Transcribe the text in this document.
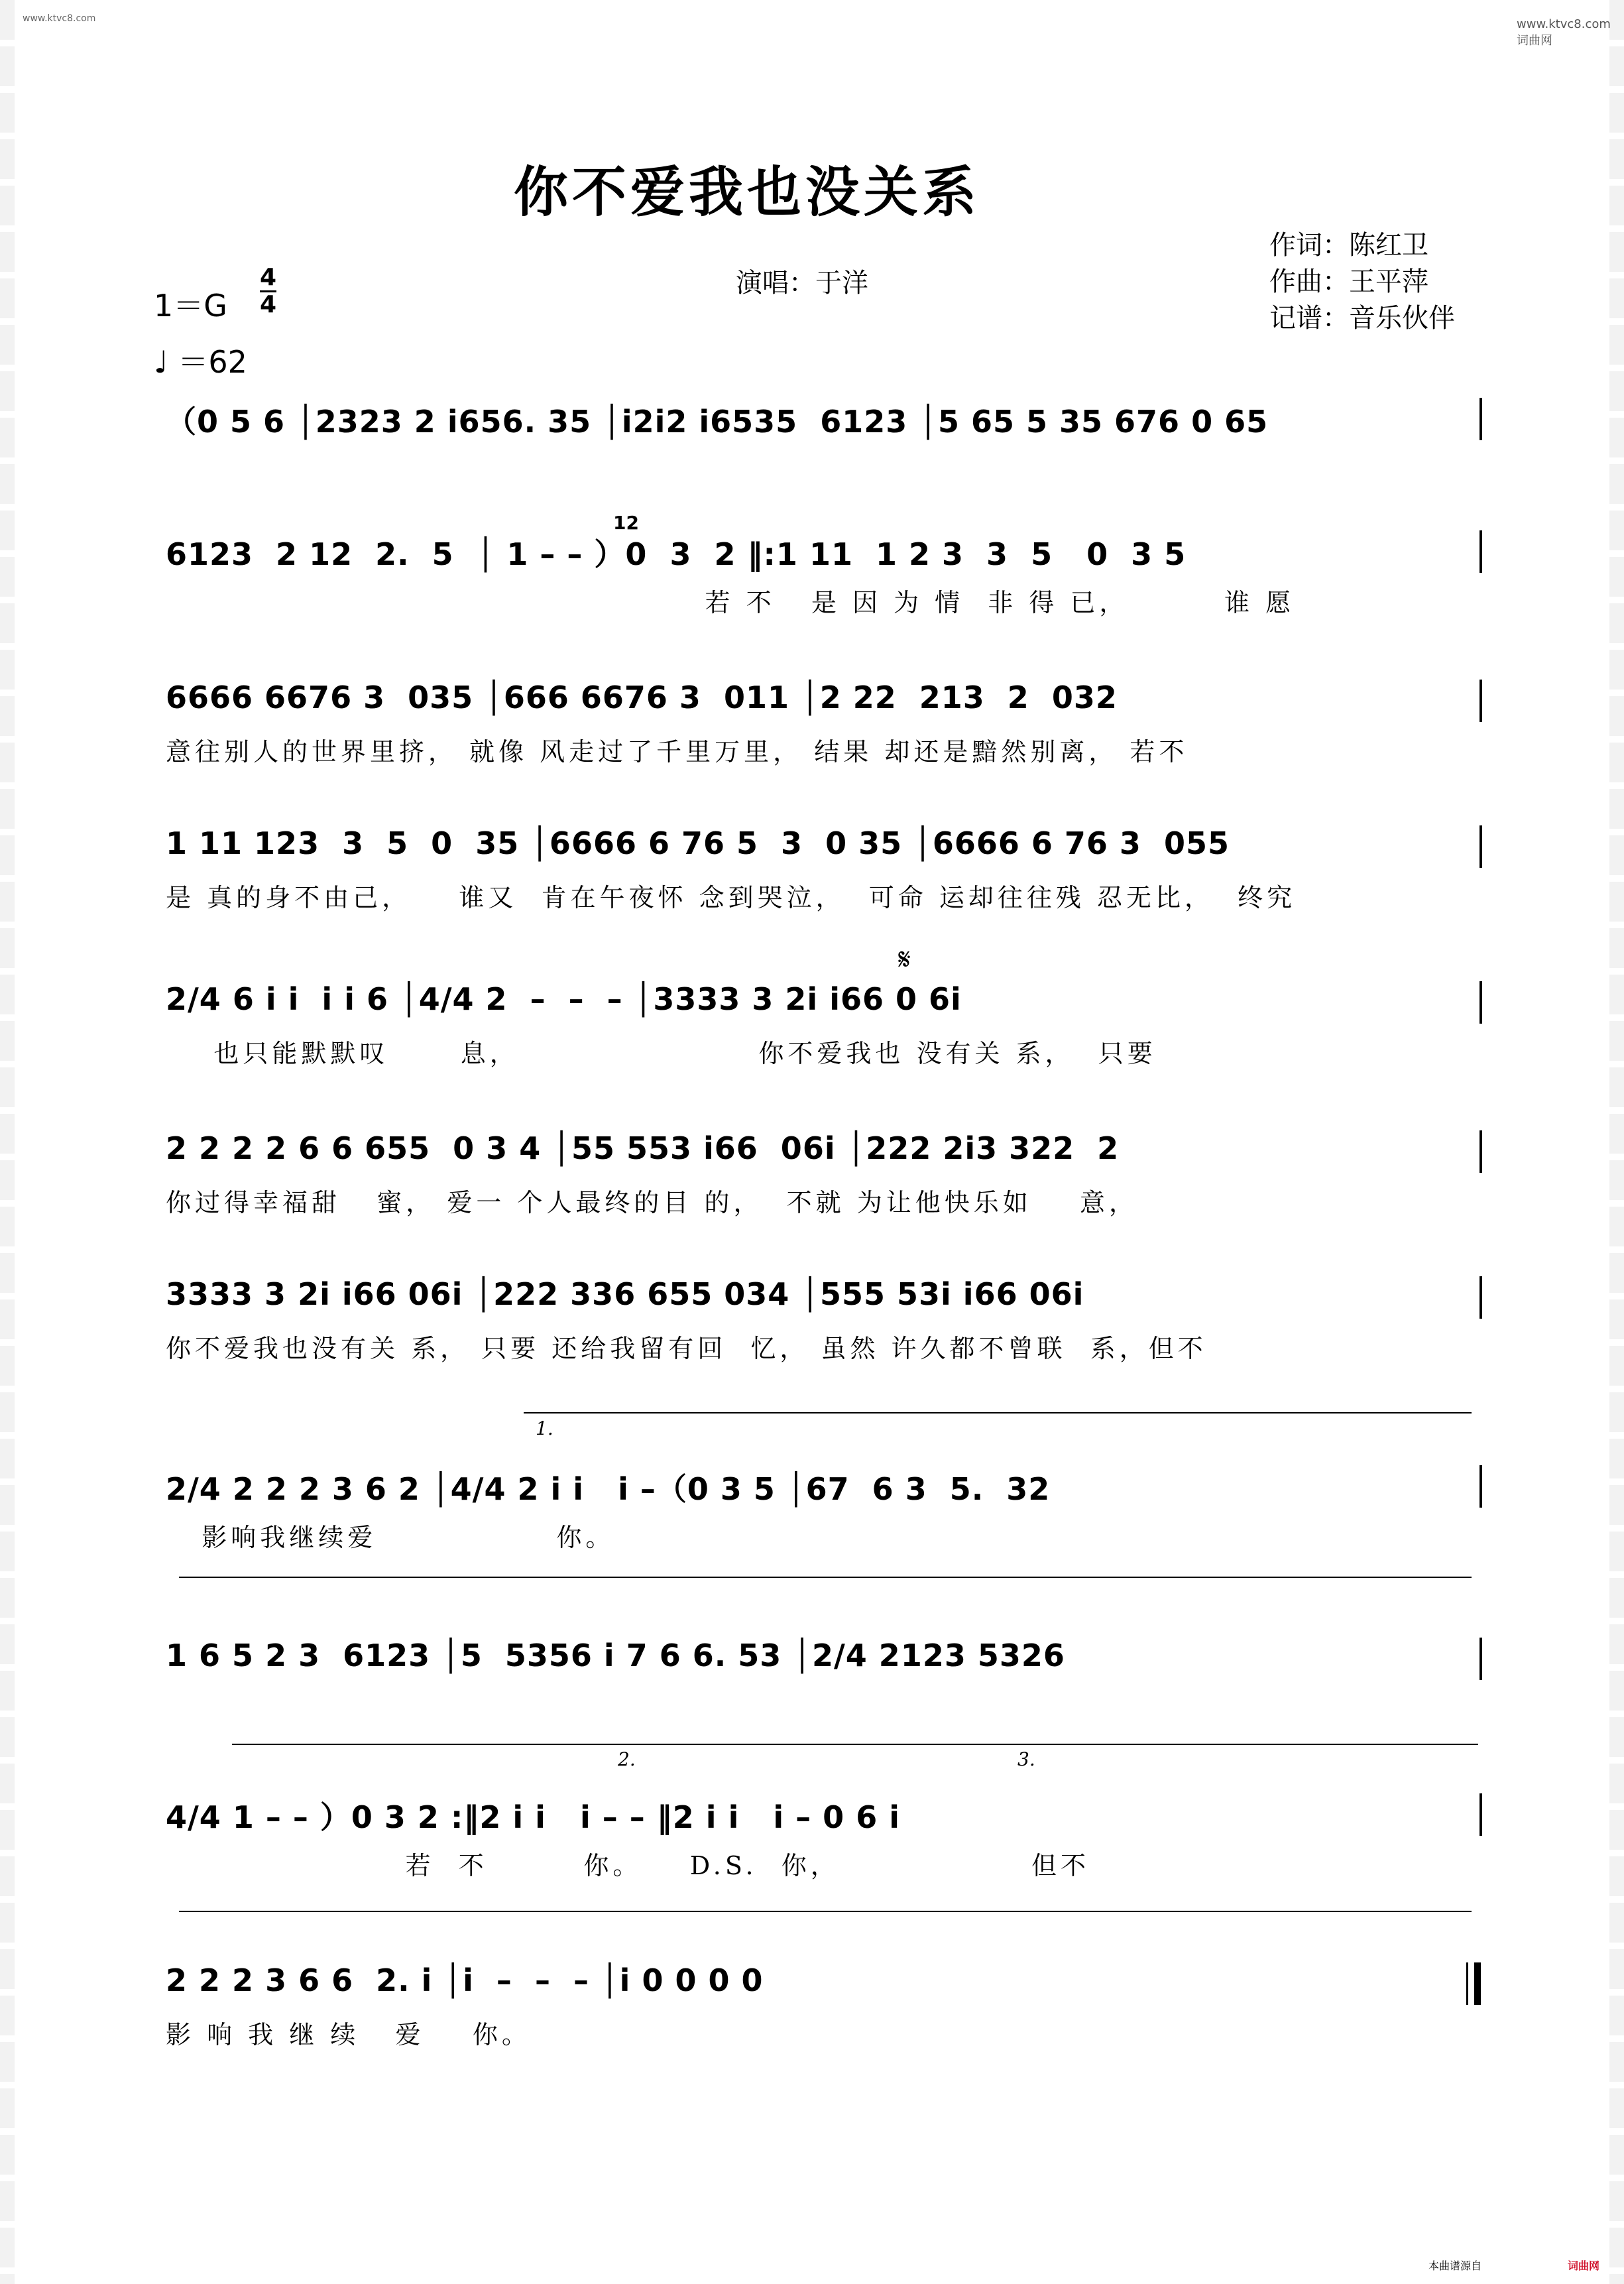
www.ktvc8.com	www.ktvc8.com 词曲网
你不爱我也没关系
演唱：于洋
作词：陈红卫
作曲：王平萍
记谱：音乐伙伴
$1=G \frac{4}{4}$
♩ ＝62
（0 5 6 │2323 2 i656. 35 │i2i2 i6535  6123 │5 65 5 35 676 0 65
6123  2 12  2.  5  │ 1 – – ）0  3  2 ‖:1 11  1 2 3  3  5   0  3 5
若 不   是 因 为 情  非 得 已，        谁 愿
12
6666 6676 3  035 │666 6676 3  011 │2 22  213  2  032
意往别人的世界里挤， 就像 风走过了千里万里， 结果 却还是黯然别离， 若不
1 11 123  3  5  0  35 │6666 6 76 5  3  0 35 │6666 6 76 3  055
是 真的身不由己，    谁又  肯在午夜怀 念到哭泣，  可命 运却往往残 忍无比，  终究
2/4 6 i i  i i 6 │4/4 2  –  –  – │3333 3 2i i66 0 6i
也只能默默叹      息，                    你不爱我也 没有关 系，  只要
𝄋
2 2 2 2 6 6 655  0 3 4 │55 553 i66  06i │222 2i3 322  2
你过得幸福甜   蜜， 爱一 个人最终的目 的，  不就 为让他快乐如    意，
3333 3 2i i66 06i │222 336 655 034 │555 53i i66 06i
你不爱我也没有关 系， 只要 还给我留有回  忆， 虽然 许久都不曾联  系，但不
1.
2/4 2 2 2 3 6 2 │4/4 2 i i   i –（0 3 5 │67  6 3  5.  32
影响我继续爱               你。
1 6 5 2 3  6123 │5  5356 i 7 6 6. 53 │2/4 2123 5326
2.	3.
4/4 1 – – ）0 3 2 :‖2 i i   i – – ‖2 i i   i – 0 6 i
若  不        你。    D.S.  你，                但不
2 2 2 3 6 6  2. i │i  –  –  – │i 0 0 0 0
影 响 我 继 续   爱    你。
本曲谱源自	词曲网
